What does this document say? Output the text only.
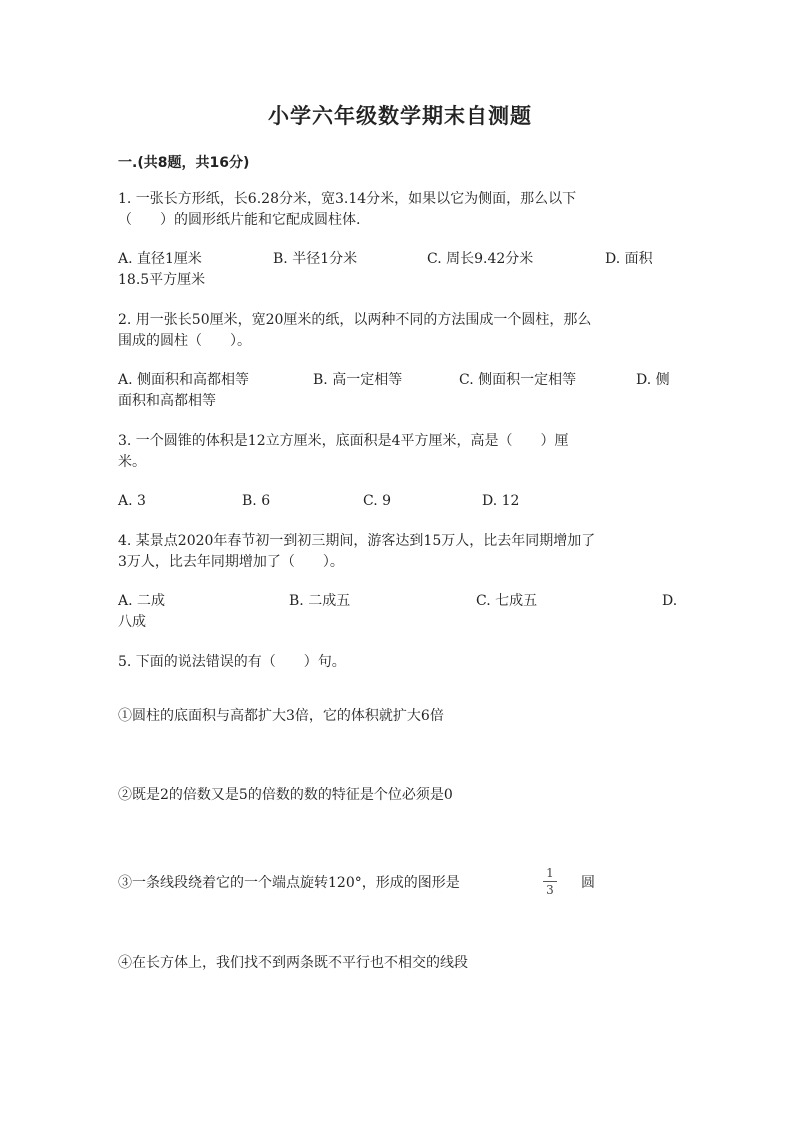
小学六年级数学期末自测题
一.(共8题，共16分)
1. 一张长方形纸，长6.28分米，宽3.14分米，如果以它为侧面，那么以下
（　　）的圆形纸片能和它配成圆柱体.
A. 直径1厘米	B. 半径1分米	C. 周长9.42分米	D. 面积
18.5平方厘米
2. 用一张长50厘米，宽20厘米的纸，以两种不同的方法围成一个圆柱，那么
围成的圆柱（　　）。
A. 侧面积和高都相等	B. 高一定相等	C. 侧面积一定相等	D. 侧
面积和高都相等
3. 一个圆锥的体积是12立方厘米，底面积是4平方厘米，高是（　　）厘
米。
A. 3	B. 6	C. 9	D. 12
4. 某景点2020年春节初一到初三期间，游客达到15万人，比去年同期增加了
3万人，比去年同期增加了（　　）。
A. 二成	B. 二成五	C. 七成五	D.
八成
5. 下面的说法错误的有（　　）句。
①圆柱的底面积与高都扩大3倍，它的体积就扩大6倍
②既是2的倍数又是5的倍数的数的特征是个位必须是0
③一条线段绕着它的一个端点旋转120°，形成的图形是
1
3 圆
④在长方体上，我们找不到两条既不平行也不相交的线段
